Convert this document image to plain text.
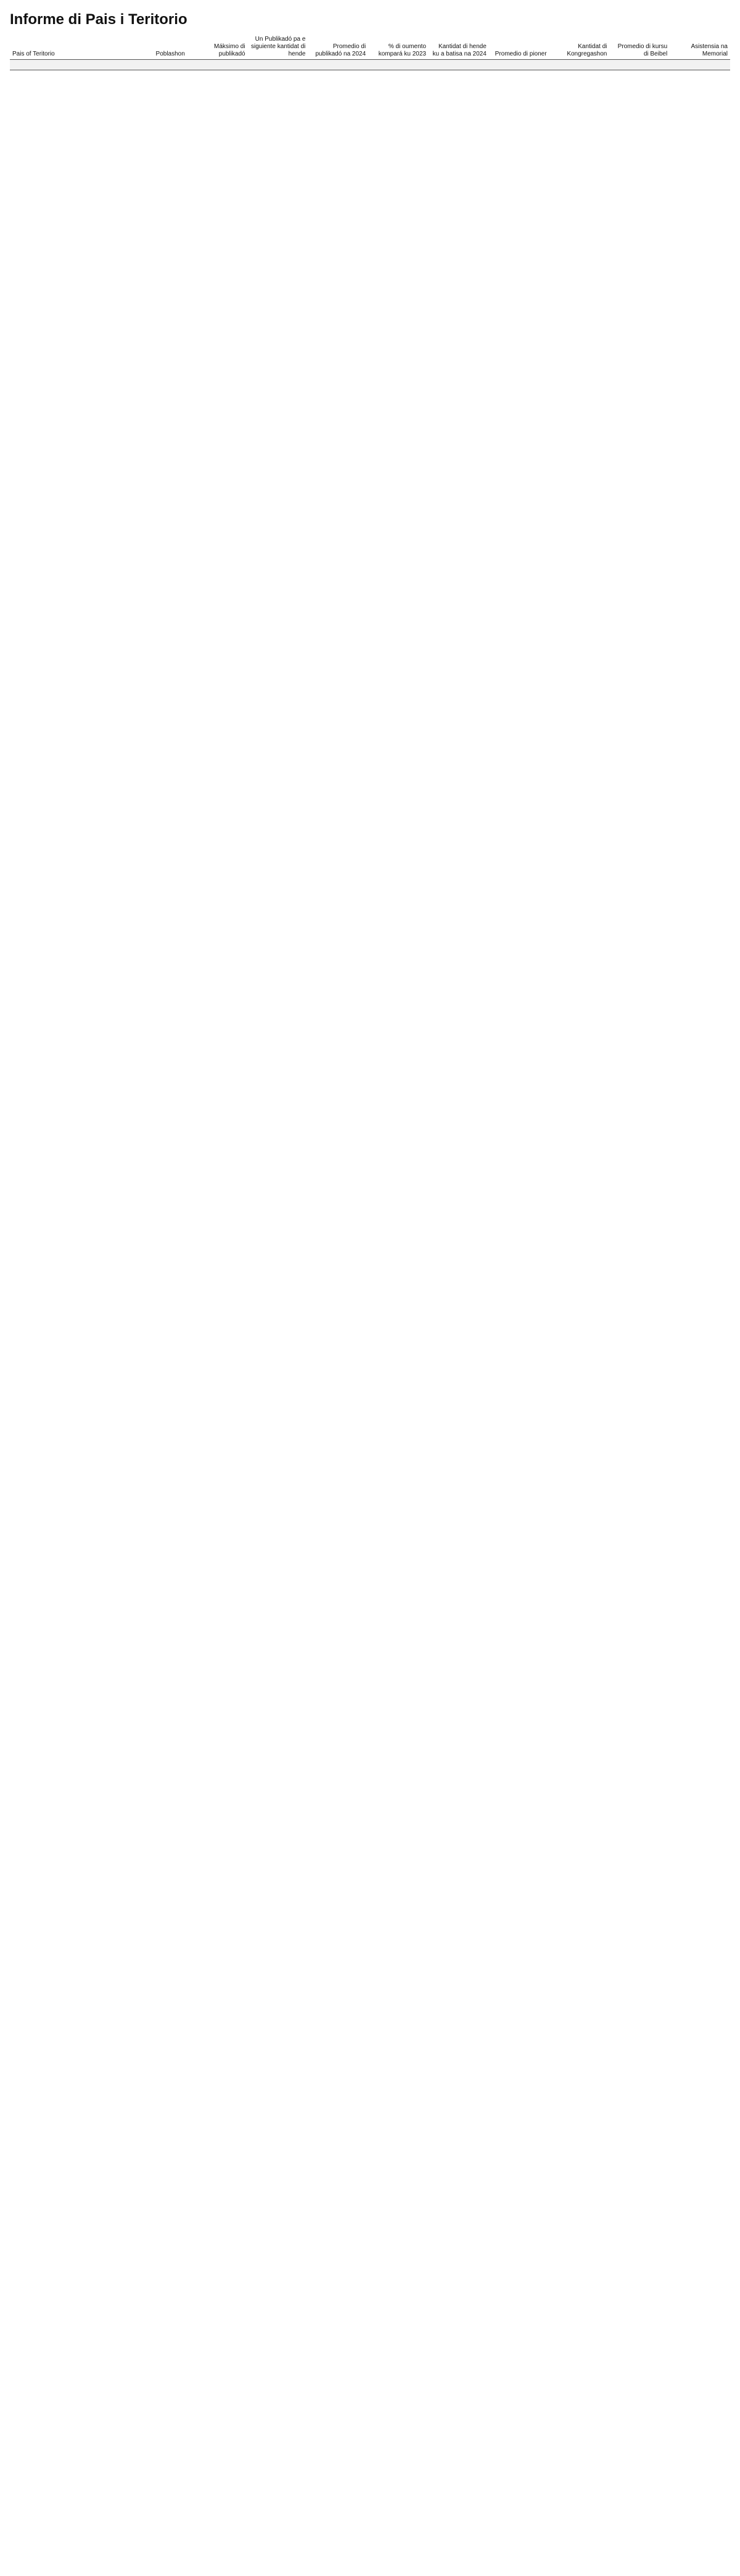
Informe di Pais i Teritorio
Pais of Teritorio	Poblashon	Máksimo di publikadó	Un Publikadó pa e siguiente kantidat di hende	Promedio di publikadó na 2024	% di oumento kompará ku 2023	Kantidat di hende ku a batisa na 2024	Promedio di pioner	Kantidat di Kongregashon	Promedio di kursu di Beibel	Asistensia na Memorial
